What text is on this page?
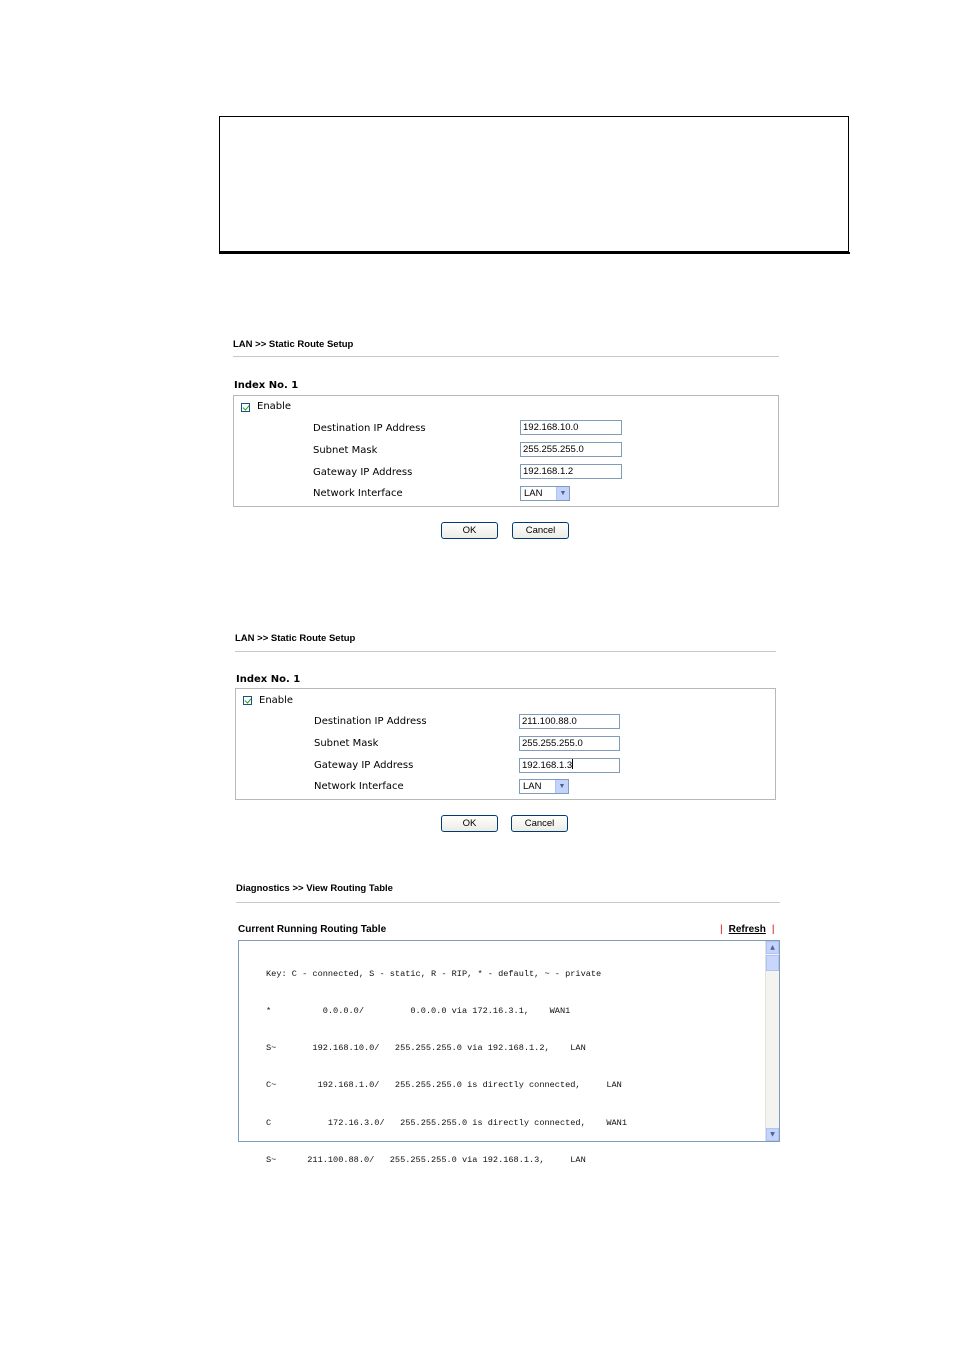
LAN >> Static Route Setup
Index No. 1
Enable
Destination IP Address	192.168.10.0
Subnet Mask	255.255.255.0
Gateway IP Address	192.168.1.2
Network Interface	LAN	▼
OK	Cancel
LAN >> Static Route Setup
Index No. 1
Enable
Destination IP Address	211.100.88.0
Subnet Mask	255.255.255.0
Gateway IP Address	192.168.1.3
Network Interface	LAN	▼
OK	Cancel
Diagnostics >> View Routing Table
Current Running Routing Table	| Refresh |

Key: C - connected, S - static, R - RIP, * - default, ~ - private

*          0.0.0.0/         0.0.0.0 via 172.16.3.1,    WAN1

S~       192.168.10.0/   255.255.255.0 via 192.168.1.2,    LAN

C~        192.168.1.0/   255.255.255.0 is directly connected,     LAN

C           172.16.3.0/   255.255.255.0 is directly connected,    WAN1

S~      211.100.88.0/   255.255.255.0 via 192.168.1.3,     LAN

▲
▼
